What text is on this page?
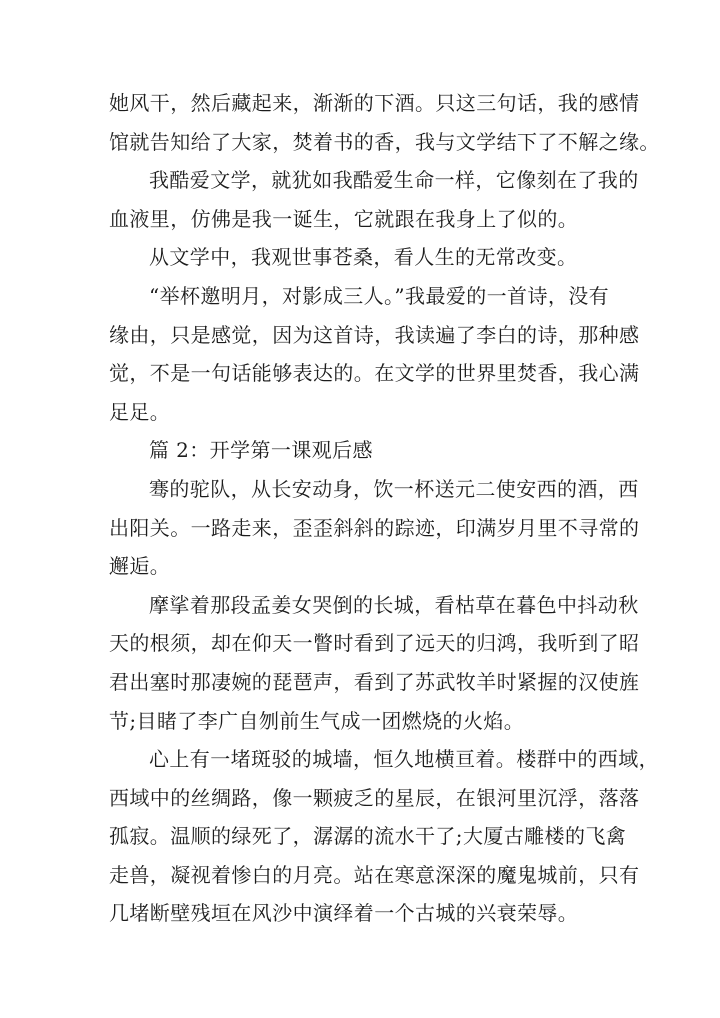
她风干，然后藏起来，渐渐的下酒。只这三句话，我的感情
馆就告知给了大家，焚着书的香，我与文学结下了不解之缘。
我酷爱文学，就犹如我酷爱生命一样，它像刻在了我的
血液里，仿佛是我一诞生，它就跟在我身上了似的。
从文学中，我观世事苍桑，看人生的无常改变。
“举杯邀明月，对影成三人。”我最爱的一首诗，没有
缘由，只是感觉，因为这首诗，我读遍了李白的诗，那种感
觉，不是一句话能够表达的。在文学的世界里焚香，我心满
足足。
篇 2：开学第一课观后感
骞的驼队，从长安动身，饮一杯送元二使安西的酒，西
出阳关。一路走来，歪歪斜斜的踪迹，印满岁月里不寻常的
邂逅。
摩挲着那段孟姜女哭倒的长城，看枯草在暮色中抖动秋
天的根须，却在仰天一瞥时看到了远天的归鸿，我听到了昭
君出塞时那凄婉的琵琶声，看到了苏武牧羊时紧握的汉使旌
节;目睹了李广自刎前生气成一团燃烧的火焰。
心上有一堵斑驳的城墙，恒久地横亘着。楼群中的西域，
西域中的丝绸路，像一颗疲乏的星辰，在银河里沉浮，落落
孤寂。温顺的绿死了，潺潺的流水干了;大厦古雕楼的飞禽
走兽，凝视着惨白的月亮。站在寒意深深的魔鬼城前，只有
几堵断壁残垣在风沙中演绎着一个古城的兴衰荣辱。
